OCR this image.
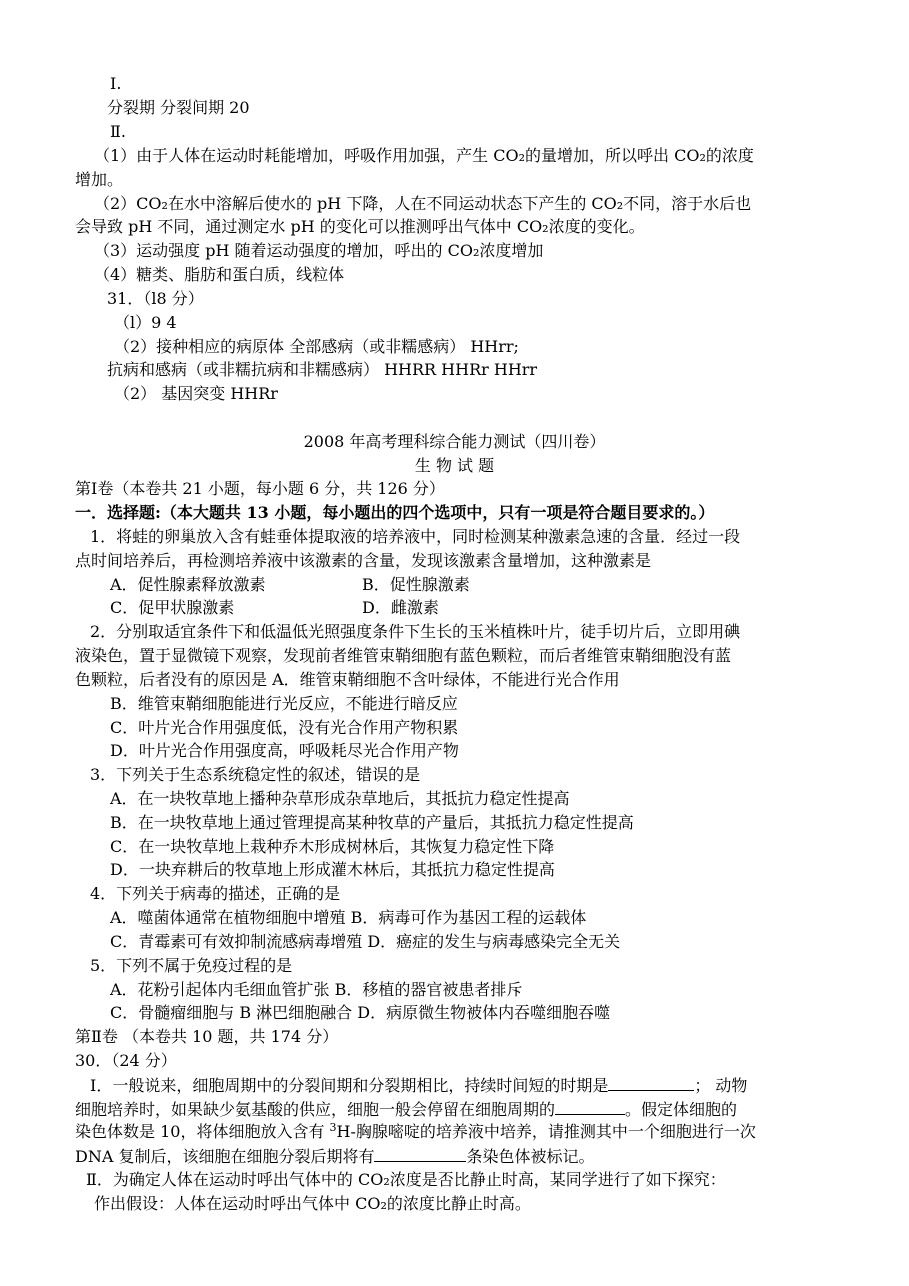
Ⅰ.
分裂期 分裂间期 20
Ⅱ.
（1）由于人体在运动时耗能增加，呼吸作用加强，产生 CO₂的量增加，所以呼出 CO₂的浓度
增加。
（2）CO₂在水中溶解后使水的 pH 下降，人在不同运动状态下产生的 CO₂不同，溶于水后也
会导致 pH 不同，通过测定水 pH 的变化可以推测呼出气体中 CO₂浓度的变化。
（3）运动强度 pH 随着运动强度的增加，呼出的 CO₂浓度增加
（4）糖类、脂肪和蛋白质，线粒体
31．（l8 分）
（l）9 4
（2）接种相应的病原体 全部感病（或非糯感病） HHrr;
抗病和感病（或非糯抗病和非糯感病） HHRR HHRr HHrr
（2） 基因突变 HHRr
2008 年高考理科综合能力测试（四川卷）
生 物 试 题
第Ⅰ卷（本卷共 21 小题，每小题 6 分，共 126 分）
一．选择题:（本大题共 13 小题，每小题出的四个选项中，只有一项是符合题目要求的。）
1．将蛙的卵巢放入含有蛙垂体提取液的培养液中，同时检测某种激素急速的含量．经过一段
点时间培养后，再检测培养液中该激素的含量，发现该激素含量增加，这种激素是
A．促性腺素释放激素	B．促性腺激素
C．促甲状腺激素	D．雌激素
2．分别取适宜条件下和低温低光照强度条件下生长的玉米植株叶片，徒手切片后，立即用碘
液染色，置于显微镜下观察，发现前者维管束鞘细胞有蓝色颗粒，而后者维管束鞘细胞没有蓝
色颗粒，后者没有的原因是 A．维管束鞘细胞不含叶绿体，不能进行光合作用
B．维管束鞘细胞能进行光反应，不能进行暗反应
C．叶片光合作用强度低，没有光合作用产物积累
D．叶片光合作用强度高，呼吸耗尽光合作用产物
3．下列关于生态系统稳定性的叙述，错误的是
A．在一块牧草地上播种杂草形成杂草地后，其抵抗力稳定性提高
B．在一块牧草地上通过管理提高某种牧草的产量后，其抵抗力稳定性提高
C．在一块牧草地上栽种乔木形成树林后，其恢复力稳定性下降
D．一块弃耕后的牧草地上形成灌木林后，其抵抗力稳定性提高
4．下列关于病毒的描述，正确的是
A．噬菌体通常在植物细胞中增殖 B．病毒可作为基因工程的运载体
C．青霉素可有效抑制流感病毒增殖 D．癌症的发生与病毒感染完全无关
5．下列不属于免疫过程的是
A．花粉引起体内毛细血管扩张 B．移植的器官被患者排斥
C．骨髓瘤细胞与 B 淋巴细胞融合 D．病原微生物被体内吞噬细胞吞噬
第Ⅱ卷 （本卷共 10 题，共 174 分）
30．（24 分）
Ⅰ．一般说来，细胞周期中的分裂间期和分裂期相比，持续时间短的时期是	； 动物
细胞培养时，如果缺少氨基酸的供应，细胞一般会停留在细胞周期的	。假定体细胞的
染色体数是 10，将体细胞放入含有 $^3$H-胸腺嘧啶的培养液中培养，请推测其中一个细胞进行一次
DNA 复制后，该细胞在细胞分裂后期将有	条染色体被标记。
Ⅱ．为确定人体在运动时呼出气体中的 CO₂浓度是否比静止时高，某同学进行了如下探究：
作出假设：人体在运动时呼出气体中 CO₂的浓度比静止时高。
